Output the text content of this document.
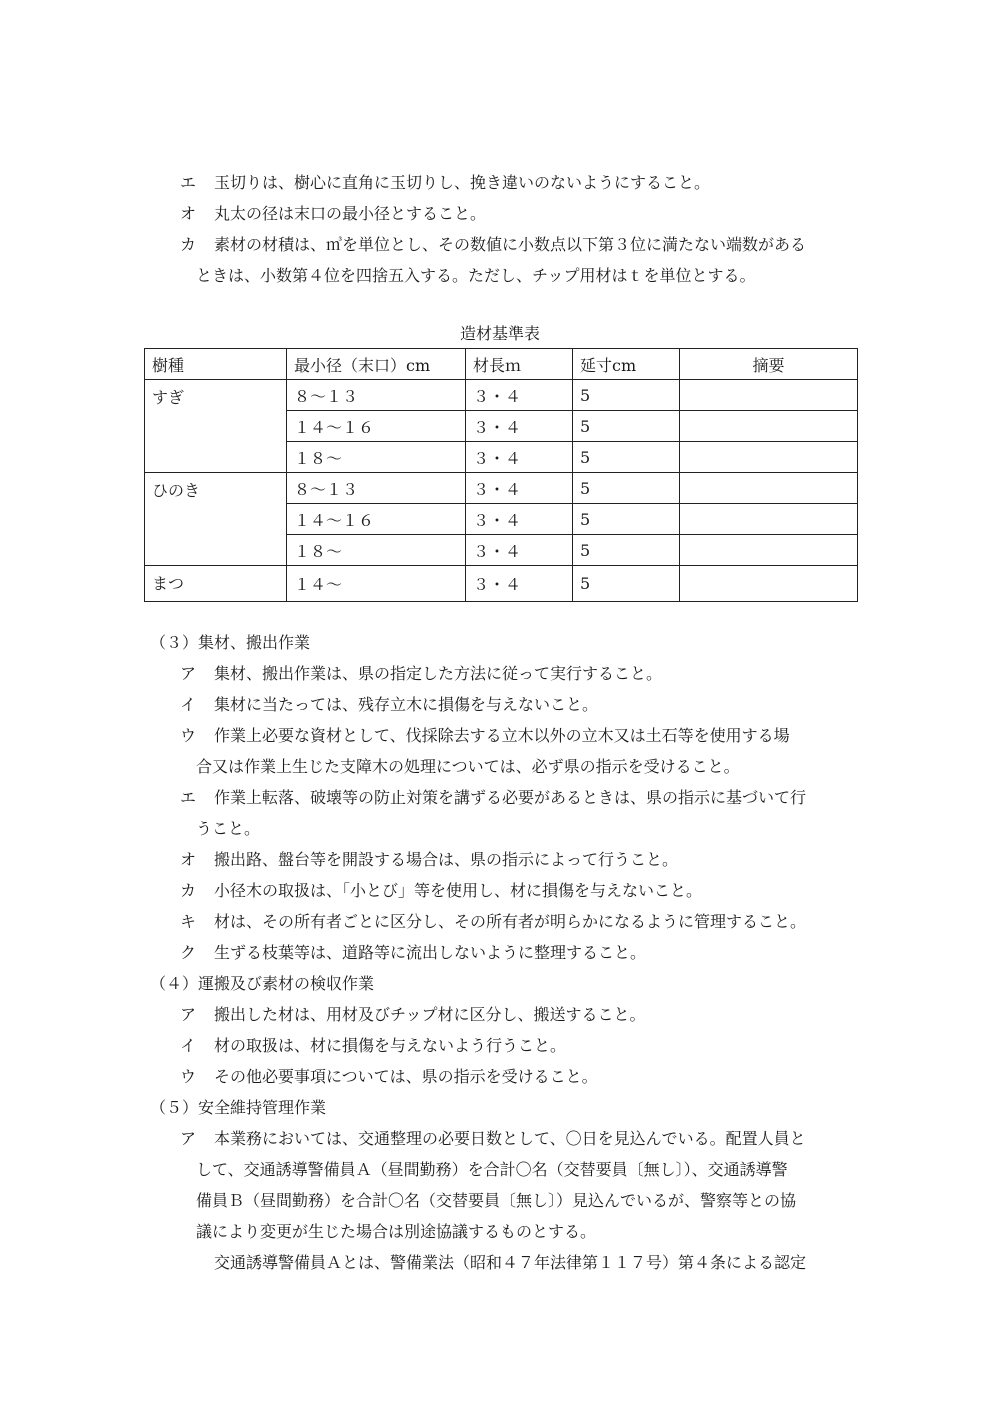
エ 玉切りは、樹心に直角に玉切りし、挽き違いのないようにすること。
オ 丸太の径は末口の最小径とすること。
カ 素材の材積は、㎥を単位とし、その数値に小数点以下第３位に満たない端数がある
ときは、小数第４位を四捨五入する。ただし、チップ用材はｔを単位とする。
造材基準表
樹種	最小径（末口）cm	材長ｍ	延寸cm	摘要
すぎ	８～１３	３・４	5	
	１４～１６	３・４	5	
	１８～	３・４	5	
ひのき	８～１３	３・４	5	
	１４～１６	３・４	5	
	１８～	３・４	5	
まつ	１４～	３・４	5	
（３）集材、搬出作業
ア 集材、搬出作業は、県の指定した方法に従って実行すること。
イ 集材に当たっては、残存立木に損傷を与えないこと。
ウ 作業上必要な資材として、伐採除去する立木以外の立木又は土石等を使用する場
合又は作業上生じた支障木の処理については、必ず県の指示を受けること。
エ 作業上転落、破壊等の防止対策を講ずる必要があるときは、県の指示に基づいて行
うこと。
オ 搬出路、盤台等を開設する場合は、県の指示によって行うこと。
カ 小径木の取扱は、「小とび」等を使用し、材に損傷を与えないこと。
キ 材は、その所有者ごとに区分し、その所有者が明らかになるように管理すること。
ク 生ずる枝葉等は、道路等に流出しないように整理すること。
（４）運搬及び素材の検収作業
ア 搬出した材は、用材及びチップ材に区分し、搬送すること。
イ 材の取扱は、材に損傷を与えないよう行うこと。
ウ その他必要事項については、県の指示を受けること。
（５）安全維持管理作業
ア 本業務においては、交通整理の必要日数として、〇日を見込んでいる。配置人員と
して、交通誘導警備員Ａ（昼間勤務）を合計〇名（交替要員〔無し〕）、交通誘導警
備員Ｂ（昼間勤務）を合計〇名（交替要員〔無し〕）見込んでいるが、警察等との協
議により変更が生じた場合は別途協議するものとする。
交通誘導警備員Ａとは、警備業法（昭和４７年法律第１１７号）第４条による認定
